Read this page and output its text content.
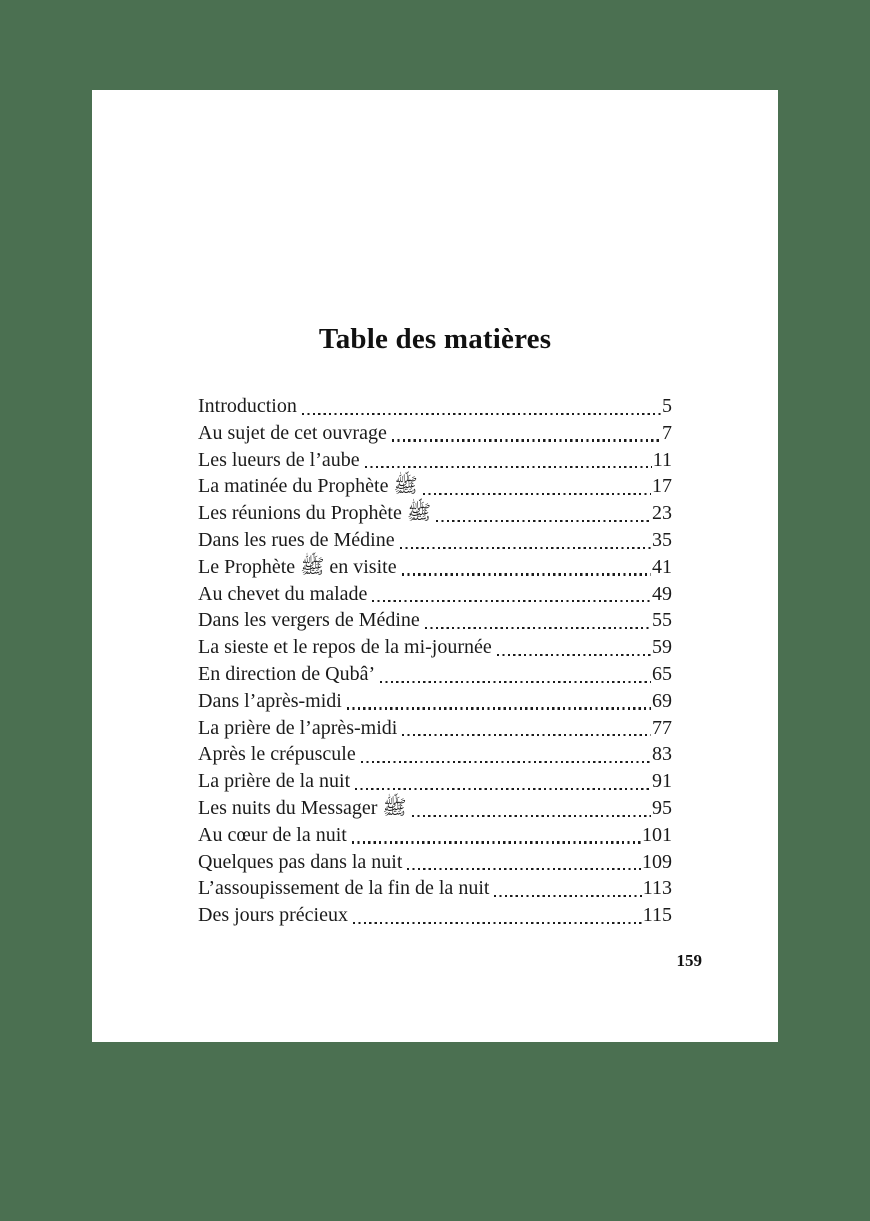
Table des matières
Introduction	5
Au sujet de cet ouvrage	7
Les lueurs de l’aube	11
La matinée du Prophète ﷺ	17
Les réunions du Prophète ﷺ	23
Dans les rues de Médine	35
Le Prophète ﷺ en visite	41
Au chevet du malade	49
Dans les vergers de Médine	55
La sieste et le repos de la mi-journée	59
En direction de Qubâ’	65
Dans l’après-midi	69
La prière de l’après-midi	77
Après le crépuscule	83
La prière de la nuit	91
Les nuits du Messager ﷺ	95
Au cœur de la nuit	101
Quelques pas dans la nuit	109
L’assoupissement de la fin de la nuit	113
Des jours précieux	115
159
